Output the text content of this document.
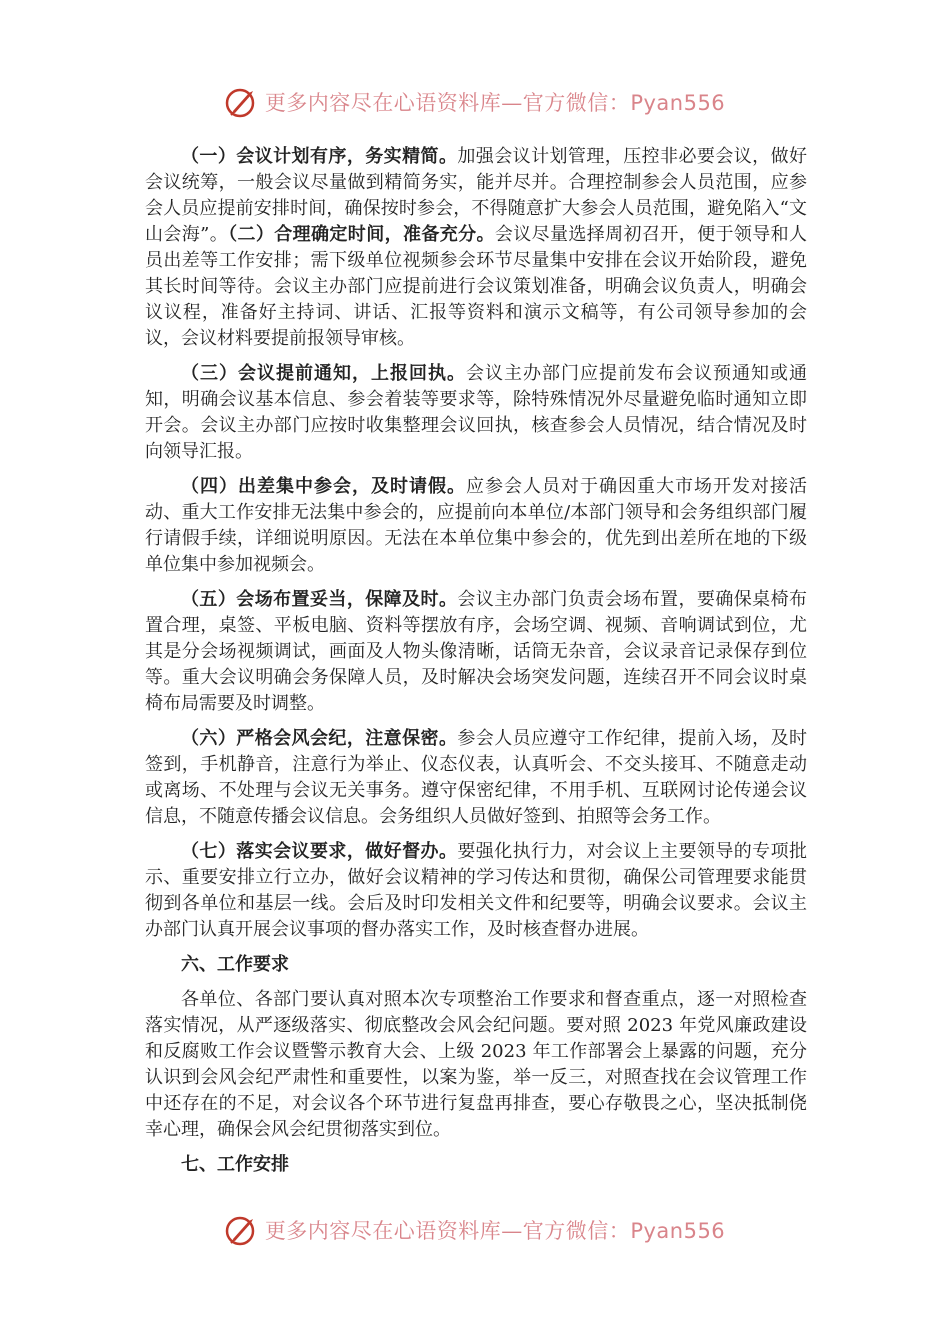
更多内容尽在心语资料库—官方微信：Pyan556

（一）会议计划有序，务实精简。加强会议计划管理，压控非必要会议，做好会议统筹，一般会议尽量做到精简务实，能并尽并。合理控制参会人员范围，应参会人员应提前安排时间，确保按时参会，不得随意扩大参会人员范围，避免陷入“文山会海”。（二）合理确定时间，准备充分。会议尽量选择周初召开，便于领导和人员出差等工作安排；需下级单位视频参会环节尽量集中安排在会议开始阶段，避免其长时间等待。会议主办部门应提前进行会议策划准备，明确会议负责人，明确会议议程，准备好主持词、讲话、汇报等资料和演示文稿等，有公司领导参加的会议，会议材料要提前报领导审核。

（三）会议提前通知，上报回执。会议主办部门应提前发布会议预通知或通知，明确会议基本信息、参会着装等要求等，除特殊情况外尽量避免临时通知立即开会。会议主办部门应按时收集整理会议回执，核查参会人员情况，结合情况及时向领导汇报。

（四）出差集中参会，及时请假。应参会人员对于确因重大市场开发对接活动、重大工作安排无法集中参会的，应提前向本单位/本部门领导和会务组织部门履行请假手续，详细说明原因。无法在本单位集中参会的，优先到出差所在地的下级单位集中参加视频会。

（五）会场布置妥当，保障及时。会议主办部门负责会场布置，要确保桌椅布置合理，桌签、平板电脑、资料等摆放有序，会场空调、视频、音响调试到位，尤其是分会场视频调试，画面及人物头像清晰，话筒无杂音，会议录音记录保存到位等。重大会议明确会务保障人员，及时解决会场突发问题，连续召开不同会议时桌椅布局需要及时调整。

（六）严格会风会纪，注意保密。参会人员应遵守工作纪律，提前入场，及时签到，手机静音，注意行为举止、仪态仪表，认真听会、不交头接耳、不随意走动或离场、不处理与会议无关事务。遵守保密纪律，不用手机、互联网讨论传递会议信息，不随意传播会议信息。会务组织人员做好签到、拍照等会务工作。

（七）落实会议要求，做好督办。要强化执行力，对会议上主要领导的专项批示、重要安排立行立办，做好会议精神的学习传达和贯彻，确保公司管理要求能贯彻到各单位和基层一线。会后及时印发相关文件和纪要等，明确会议要求。会议主办部门认真开展会议事项的督办落实工作，及时核查督办进展。

六、工作要求

各单位、各部门要认真对照本次专项整治工作要求和督查重点，逐一对照检查落实情况，从严逐级落实、彻底整改会风会纪问题。要对照 2023 年党风廉政建设和反腐败工作会议暨警示教育大会、上级 2023 年工作部署会上暴露的问题，充分认识到会风会纪严肃性和重要性，以案为鉴，举一反三，对照查找在会议管理工作中还存在的不足，对会议各个环节进行复盘再排查，要心存敬畏之心，坚决抵制侥幸心理，确保会风会纪贯彻落实到位。

七、工作安排
更多内容尽在心语资料库—官方微信：Pyan556
